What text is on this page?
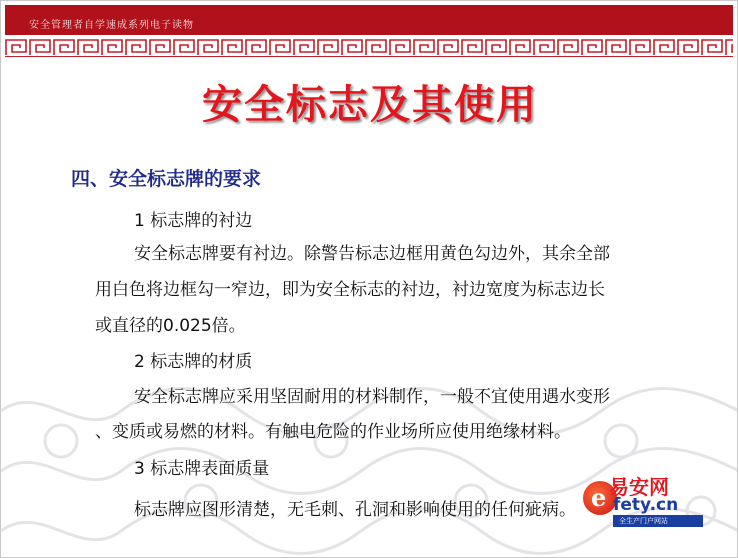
安全管理者自学速成系列电子读物
安全标志及其使用
四、安全标志牌的要求
1 标志牌的衬边
安全标志牌要有衬边。除警告标志边框用黄色勾边外，其余全部
用白色将边框勾一窄边，即为安全标志的衬边，衬边宽度为标志边长
或直径的0.025倍。
2 标志牌的材质
安全标志牌应采用坚固耐用的材料制作，一般不宜使用遇水变形
、变质或易燃的材料。有触电危险的作业场所应使用绝缘材料。
3 标志牌表面质量
标志牌应图形清楚，无毛刺、孔洞和影响使用的任何疵病。 e 易安网
fety.cn
全生产门户网站
